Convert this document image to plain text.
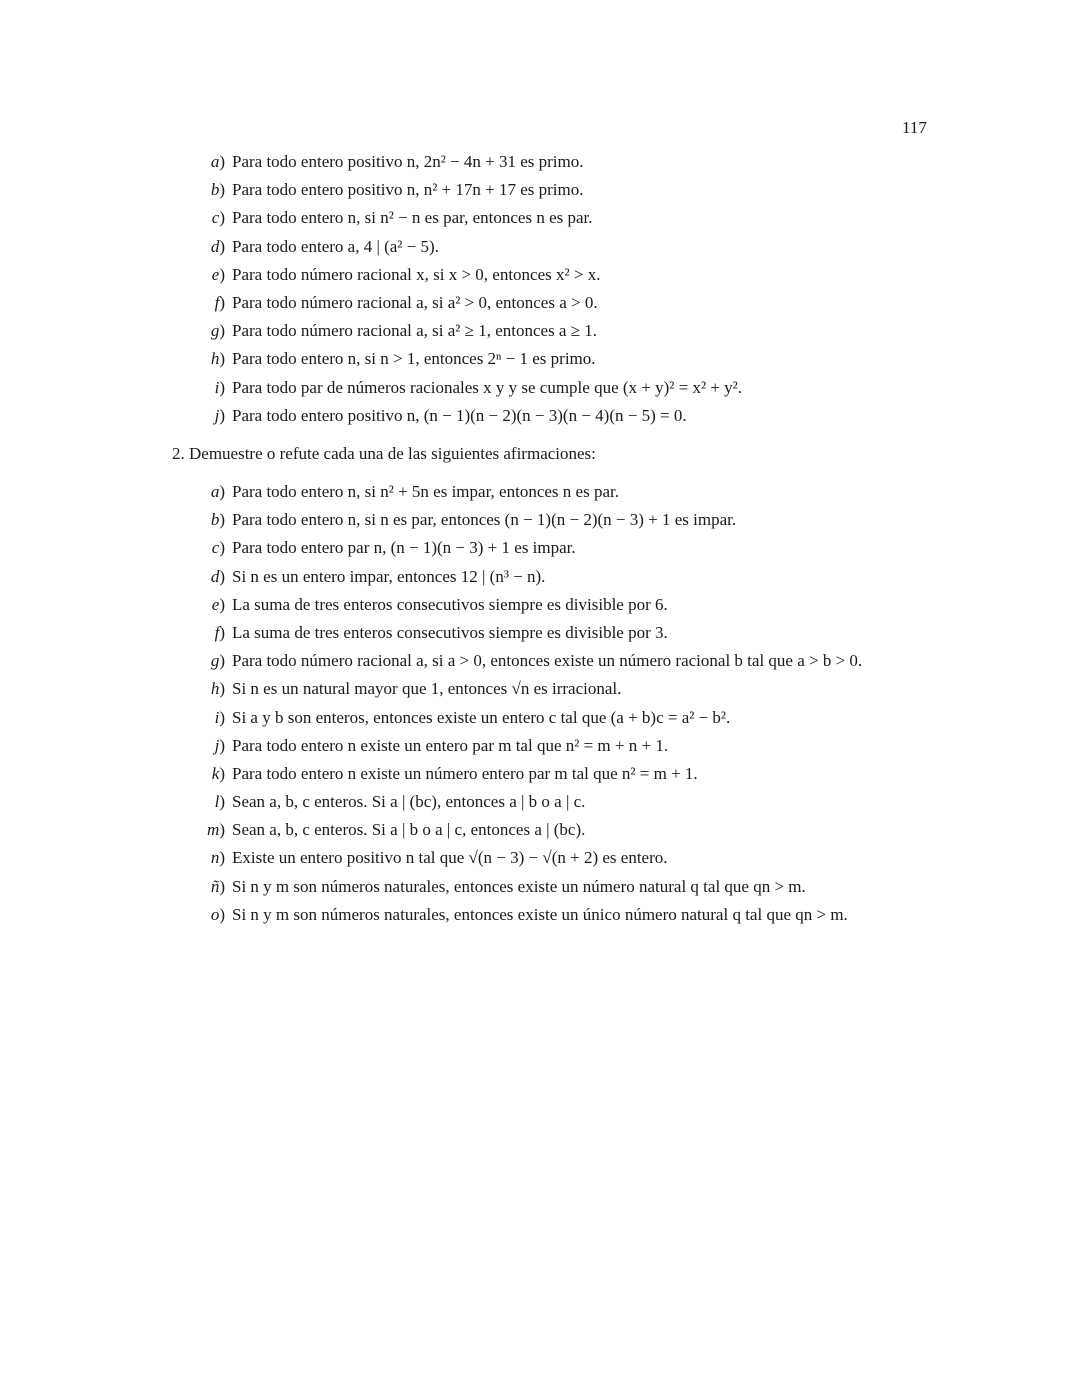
117
a) Para todo entero positivo n, 2n² − 4n + 31 es primo.
b) Para todo entero positivo n, n² + 17n + 17 es primo.
c) Para todo entero n, si n² − n es par, entonces n es par.
d) Para todo entero a, 4 | (a² − 5).
e) Para todo número racional x, si x > 0, entonces x² > x.
f) Para todo número racional a, si a² > 0, entonces a > 0.
g) Para todo número racional a, si a² ≥ 1, entonces a ≥ 1.
h) Para todo entero n, si n > 1, entonces 2ⁿ − 1 es primo.
i) Para todo par de números racionales x y y se cumple que (x + y)² = x² + y².
j) Para todo entero positivo n, (n − 1)(n − 2)(n − 3)(n − 4)(n − 5) = 0.
2. Demuestre o refute cada una de las siguientes afirmaciones:
a) Para todo entero n, si n² + 5n es impar, entonces n es par.
b) Para todo entero n, si n es par, entonces (n − 1)(n − 2)(n − 3) + 1 es impar.
c) Para todo entero par n, (n − 1)(n − 3) + 1 es impar.
d) Si n es un entero impar, entonces 12 | (n³ − n).
e) La suma de tres enteros consecutivos siempre es divisible por 6.
f) La suma de tres enteros consecutivos siempre es divisible por 3.
g) Para todo número racional a, si a > 0, entonces existe un número racional b tal que a > b > 0.
h) Si n es un natural mayor que 1, entonces √n es irracional.
i) Si a y b son enteros, entonces existe un entero c tal que (a + b)c = a² − b².
j) Para todo entero n existe un entero par m tal que n² = m + n + 1.
k) Para todo entero n existe un número entero par m tal que n² = m + 1.
l) Sean a, b, c enteros. Si a | (bc), entonces a | b o a | c.
m) Sean a, b, c enteros. Si a | b o a | c, entonces a | (bc).
n) Existe un entero positivo n tal que √(n − 3) − √(n + 2) es entero.
ñ) Si n y m son números naturales, entonces existe un número natural q tal que qn > m.
o) Si n y m son números naturales, entonces existe un único número natural q tal que qn > m.
